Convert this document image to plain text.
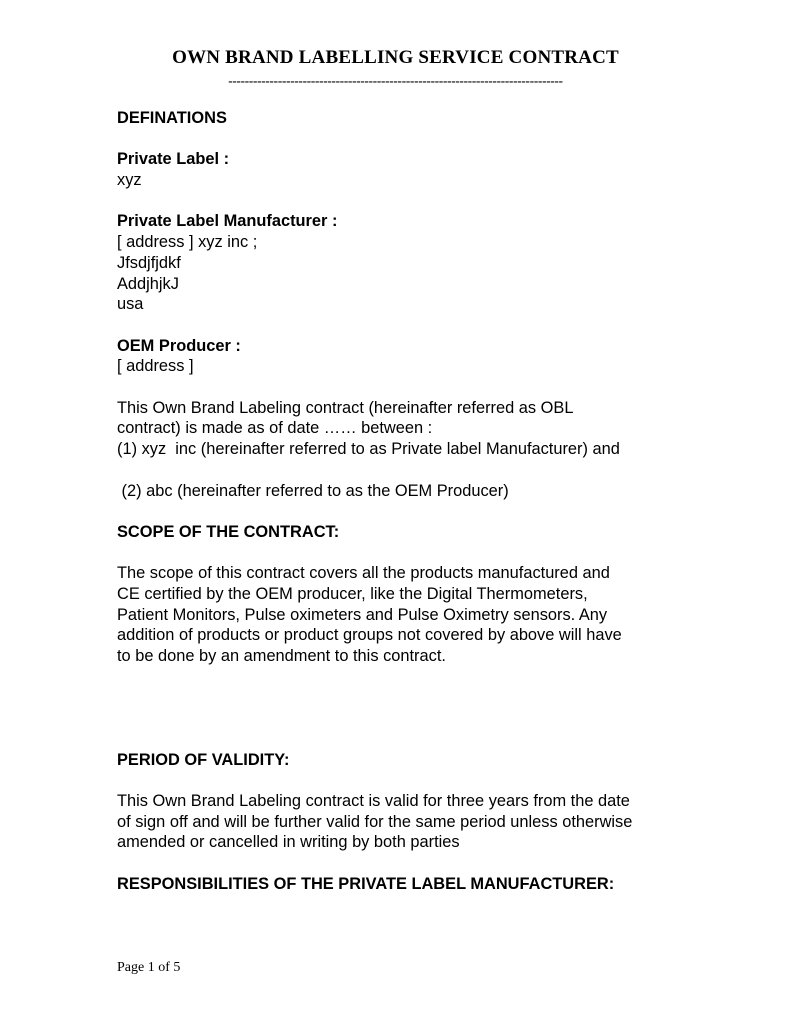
OWN BRAND LABELLING SERVICE CONTRACT
---------------------------------------------------------------------------------

DEFINATIONS

Private Label :

xyz

Private Label Manufacturer :

[ address ] xyz inc ;

Jfsdjfjdkf

AddjhjkJ

usa

OEM Producer :

[ address ]

This Own Brand Labeling contract (hereinafter referred as OBL

contract) is made as of date …… between :

(1) xyz  inc (hereinafter referred to as Private label Manufacturer) and

(2) abc (hereinafter referred to as the OEM Producer)

SCOPE OF THE CONTRACT:

The scope of this contract covers all the products manufactured and

CE certified by the OEM producer, like the Digital Thermometers,

Patient Monitors, Pulse oximeters and Pulse Oximetry sensors. Any

addition of products or product groups not covered by above will have

to be done by an amendment to this contract.

PERIOD OF VALIDITY:

This Own Brand Labeling contract is valid for three years from the date

of sign off and will be further valid for the same period unless otherwise

amended or cancelled in writing by both parties

RESPONSIBILITIES OF THE PRIVATE LABEL MANUFACTURER:

Page 1 of 5
